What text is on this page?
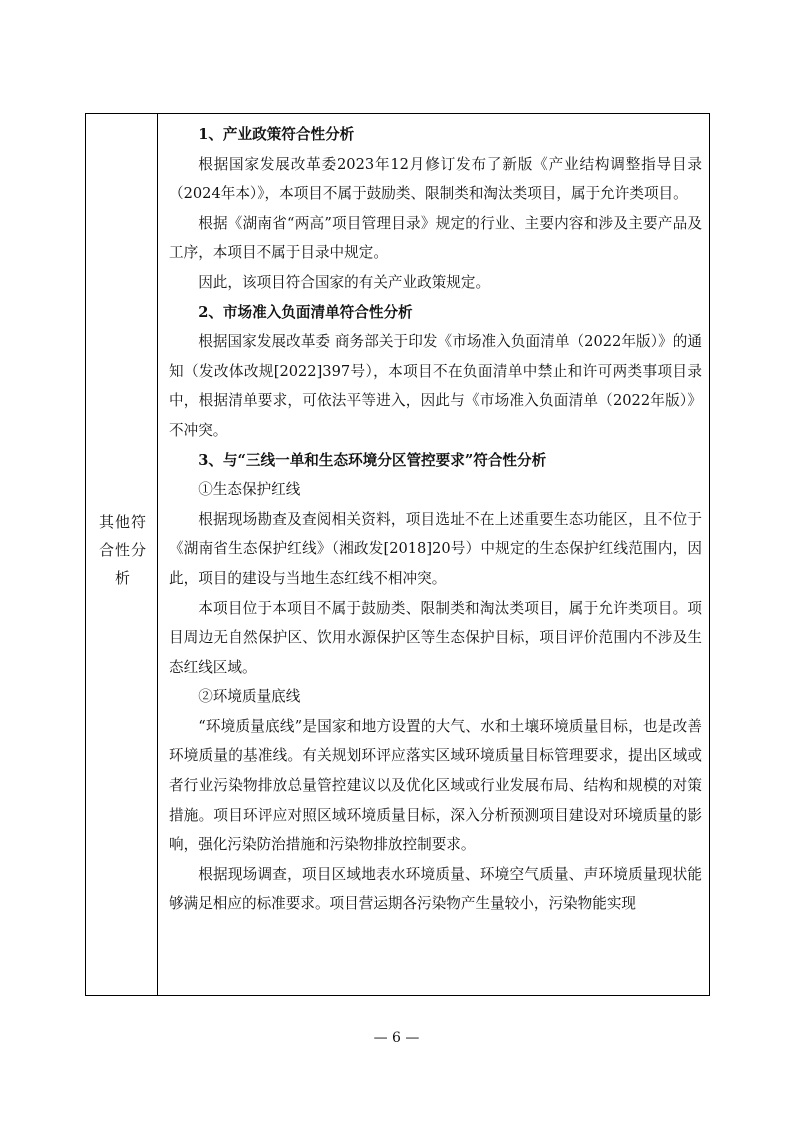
其他符合性分析

1、产业政策符合性分析

根据国家发展改革委2023年12月修订发布了新版《产业结构调整指导目录（2024年本）》，本项目不属于鼓励类、限制类和淘汰类项目，属于允许类项目。

根据《湖南省“两高”项目管理目录》规定的行业、主要内容和涉及主要产品及工序，本项目不属于目录中规定。

因此，该项目符合国家的有关产业政策规定。

2、市场准入负面清单符合性分析

根据国家发展改革委 商务部关于印发《市场准入负面清单（2022年版）》的通知（发改体改规[2022]397号），本项目不在负面清单中禁止和许可两类事项目录中，根据清单要求，可依法平等进入，因此与《市场准入负面清单（2022年版）》不冲突。

3、与“三线一单和生态环境分区管控要求”符合性分析

①生态保护红线

根据现场勘查及查阅相关资料，项目选址不在上述重要生态功能区，且不位于《湖南省生态保护红线》（湘政发[2018]20号）中规定的生态保护红线范围内，因此，项目的建设与当地生态红线不相冲突。

本项目位于本项目不属于鼓励类、限制类和淘汰类项目，属于允许类项目。项目周边无自然保护区、饮用水源保护区等生态保护目标，项目评价范围内不涉及生态红线区域。

②环境质量底线

“环境质量底线”是国家和地方设置的大气、水和土壤环境质量目标，也是改善环境质量的基准线。有关规划环评应落实区域环境质量目标管理要求，提出区域或者行业污染物排放总量管控建议以及优化区域或行业发展布局、结构和规模的对策措施。项目环评应对照区域环境质量目标，深入分析预测项目建设对环境质量的影响，强化污染防治措施和污染物排放控制要求。

根据现场调查，项目区域地表水环境质量、环境空气质量、声环境质量现状能够满足相应的标准要求。项目营运期各污染物产生量较小，污染物能实现

— 6 —
